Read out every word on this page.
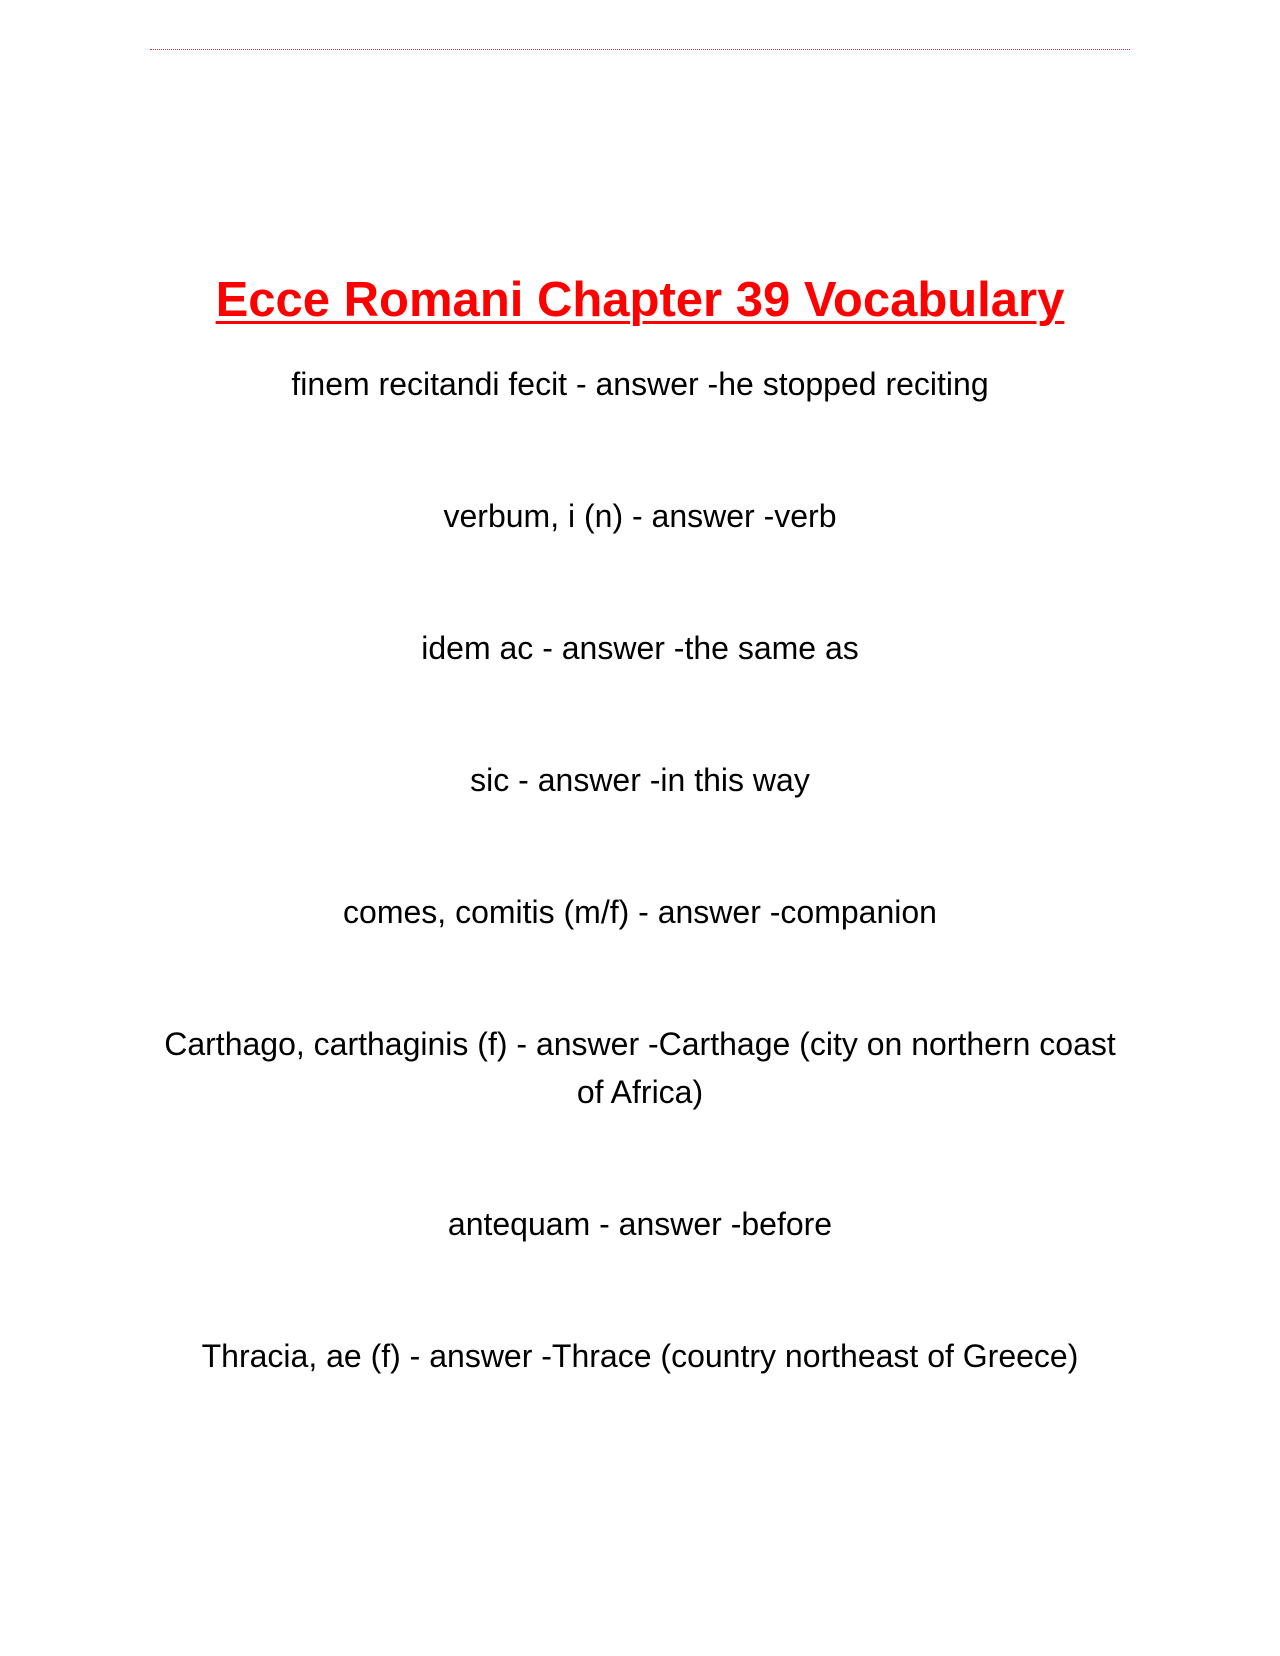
Ecce Romani Chapter 39 Vocabulary
finem recitandi fecit - answer -he stopped reciting
verbum, i (n) - answer -verb
idem ac - answer -the same as
sic - answer -in this way
comes, comitis (m/f) - answer -companion
Carthago, carthaginis (f) - answer -Carthage (city on northern coast of Africa)
antequam - answer -before
Thracia, ae (f) - answer -Thrace (country northeast of Greece)
